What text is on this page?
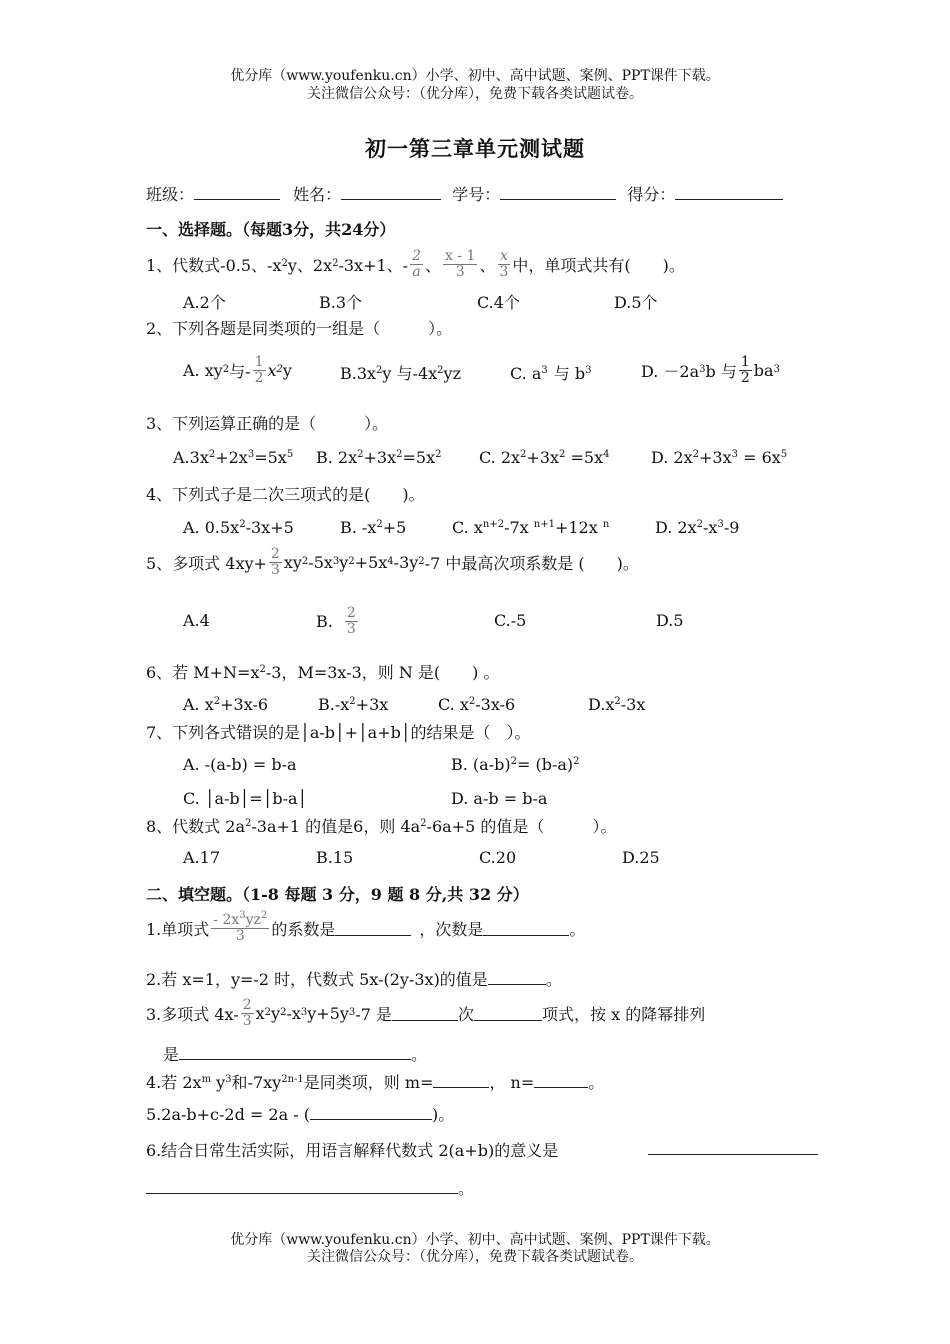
优分库（www.youfenku.cn）小学、初中、高中试题、案例、PPT课件下载。
关注微信公众号：（优分库），免费下载各类试题试卷。
初一第三章单元测试题
班级：	姓名：	学号：	得分：
一、选择题。（每题3分，共24分）
1、代数式-0.5、-x 2 y、2x 2 -3x+1、- $\frac{2}{a}$ 、 $\frac{x - 1}{3}$ 、 $\frac{x}{3}$ 中，单项式共有(　　)。
A.2个	B.3个	C.4个	D.5个
2、下列各题是同类项的一组是（　　　）。
A. xy 2 与- $\frac{1}{2}$ x 2 y	$B.3x^2y$ 与$-4x^2yz$	C. $a^3$ 与 $b^3$	D. －2a 3 b 与 $\frac{1}{2}$ ba 3
3、下列运算正确的是（　　　）。
$A.3x^2+2x^3=5x^5$ B. $2x^2+3x^2=5x^2$ C. $2x^2+3x^2 =5x^4$	D. $2x^2+3x^3 = 6x^5$
4、下列式子是二次三项式的是(　　)。
A. $0.5x^2-3x+5$	B. $-x^2+5$	C. $x^{n+2}-7x$ $^{n+1}$+12x $^n$	D. $2x^2-x^3-9$
5、多项式 $4xy+ \frac{2}{3}$ xy 2 -5x 3 y 2 +5x 4 -3y 2 -7 中最高次项系数是 (　　)。
A.4	B. $\frac{2}{3}$	C.-5	D.5
6、若 $M+N=x^2-3$，M=3x-3，则 N 是(　　) 。
A. $x^2+3x-6$	$B.-x^2+3x$	C. $x^2-3x-6$	$D.x^2-3x$
7、下列各式错误的是│a-b│+│a+b│的结果是（　）。
A. -(a-b) = b-a	B. $(a-b)^2= (b-a)^2$
C. │a-b│=│b-a│	D. a-b = b-a
8、代数式 $2a^2-3a+1$ 的值是6，则 $4a^2-6a+5$ 的值是（　　　）。
A.17	B.15	C.20	D.25
二、填空题。（1-8 每题 3 分，9 题 8 分,共 32 分）
1.单项式 $\frac{- 2x^3yz^2}{3}$ 的系数是	，次数是	。
2.若 x=1，y=-2 时，代数式 5x-(2y-3x)的值是	。
3.多项式 $4x- \frac{2}{3}$ x 2 y 2 -x 3 y+5y 3 -7 是	次	项式，按 x 的降幂排列
是	。
4.若 $2x^m$ $y^3$和$-7xy^{2n-1}$是同类项，则 m=	， n=	。
5.2a-b+c-2d = 2a - (	)。
6.结合日常生活实际，用语言解释代数式 2(a+b)的意义是
。
优分库（www.youfenku.cn）小学、初中、高中试题、案例、PPT课件下载。
关注微信公众号：（优分库），免费下载各类试题试卷。
